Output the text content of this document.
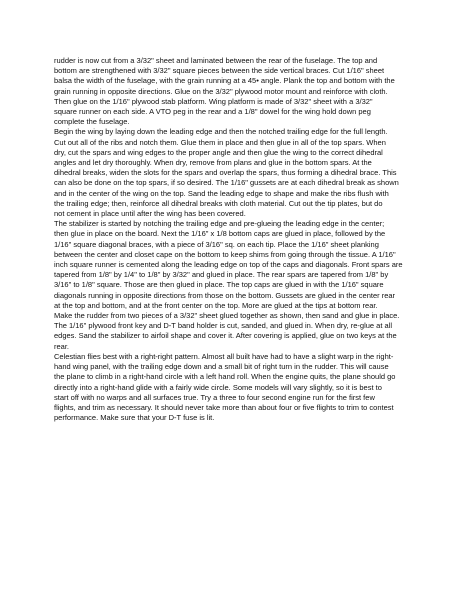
rudder is now cut from a 3/32" sheet and laminated between the rear of the fuselage. The top and
bottom are strengthened with 3/32" square pieces between the side vertical braces. Cut 1/16" sheet
balsa the width of the fuselage, with the grain running at a 45• angle. Plank the top and bottom with the
grain running in opposite directions. Glue on the 3/32" plywood motor mount and reinforce with cloth.
Then glue on the 1/16" plywood stab platform. Wing platform is made of 3/32" sheet with a 3/32"
square runner on each side. A VTO peg in the rear and a 1/8" dowel for the wing hold down peg
complete the fuselage.

Begin the wing by laying down the leading edge and then the notched trailing edge for the full length.
Cut out all of the ribs and notch them. Glue them in place and then glue in all of the top spars. When
dry, cut the spars and wing edges to the proper angle and then glue the wing to the correct dihedral
angles and let dry thoroughly. When dry, remove from plans and glue in the bottom spars. At the
dihedral breaks, widen the slots for the spars and overlap the spars, thus forming a dihedral brace. This
can also be done on the top spars, if so desired. The 1/16" gussets are at each dihedral break as shown
and in the center of the wing on the top. Sand the leading edge to shape and make the ribs flush with
the trailing edge; then, reinforce all dihedral breaks with cloth material. Cut out the tip plates, but do
not cement in place until after the wing has been covered.

The stabilizer is started by notching the trailing edge and pre-glueing the leading edge in the center;
then glue in place on the board. Next the 1/16" x 1/8 bottom caps are glued in place, followed by the
1/16" square diagonal braces, with a piece of 3/16" sq. on each tip. Place the 1/16" sheet planking
between the center and closet cape on the bottom to keep shims from going through the tissue. A 1/16"
inch square runner is cemented along the leading edge on top of the caps and diagonals. Front spars are
tapered from 1/8" by 1/4" to 1/8" by 3/32" and glued in place. The rear spars are tapered from 1/8" by
3/16" to 1/8" square. Those are then glued in place. The top caps are glued in with the 1/16" square
diagonals running in opposite directions from those on the bottom. Gussets are glued in the center rear
at the top and bottom, and at the front center on the top. More are glued at the tips at bottom rear.

Make the rudder from two pieces of a 3/32" sheet glued together as shown, then sand and glue in place.
The 1/16" plywood front key and D-T band holder is cut, sanded, and glued in. When dry, re-glue at all
edges. Sand the stabilizer to airfoil shape and cover it. After covering is applied, glue on two keys at the
rear.

Celestian flies best with a right-right pattern. Almost all built have had to have a slight warp in the right-
hand wing panel, with the trailing edge down and a small bit of right turn in the rudder. This will cause
the plane to climb in a right-hand circle with a left hand roll. When the engine quits, the plane should go
directly into a right-hand glide with a fairly wide circle. Some models will vary slightly, so it is best to
start off with no warps and all surfaces true. Try a three to four second engine run for the first few
flights, and trim as necessary. It should never take more than about four or five flights to trim to contest
performance. Make sure that your D-T fuse is lit.
